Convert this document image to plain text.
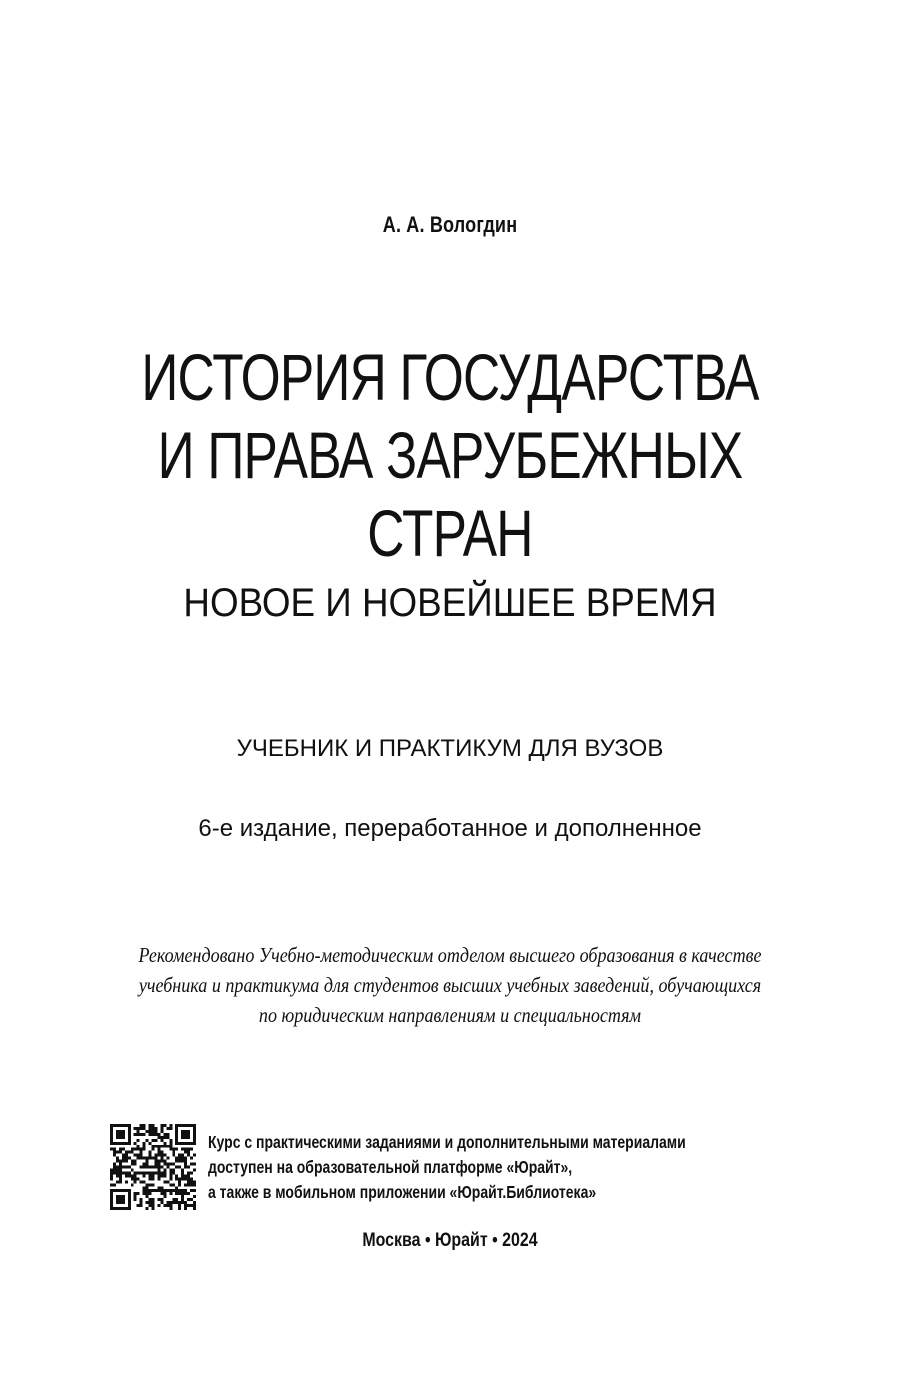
А. А. Вологдин
ИСТОРИЯ ГОСУДАРСТВА
И ПРАВА ЗАРУБЕЖНЫХ
СТРАН
НОВОЕ И НОВЕЙШЕЕ ВРЕМЯ
УЧЕБНИК И ПРАКТИКУМ ДЛЯ ВУЗОВ
6-е издание, переработанное и дополненное
Рекомендовано Учебно-методическим отделом высшего образования в качестве
учебника и практикума для студентов высших учебных заведений, обучающихся
по юридическим направлениям и специальностям
Курс с практическими заданиями и дополнительными материалами
доступен на образовательной платформе «Юрайт»,
а также в мобильном приложении «Юрайт.Библиотека»
Москва • Юрайт • 2024
